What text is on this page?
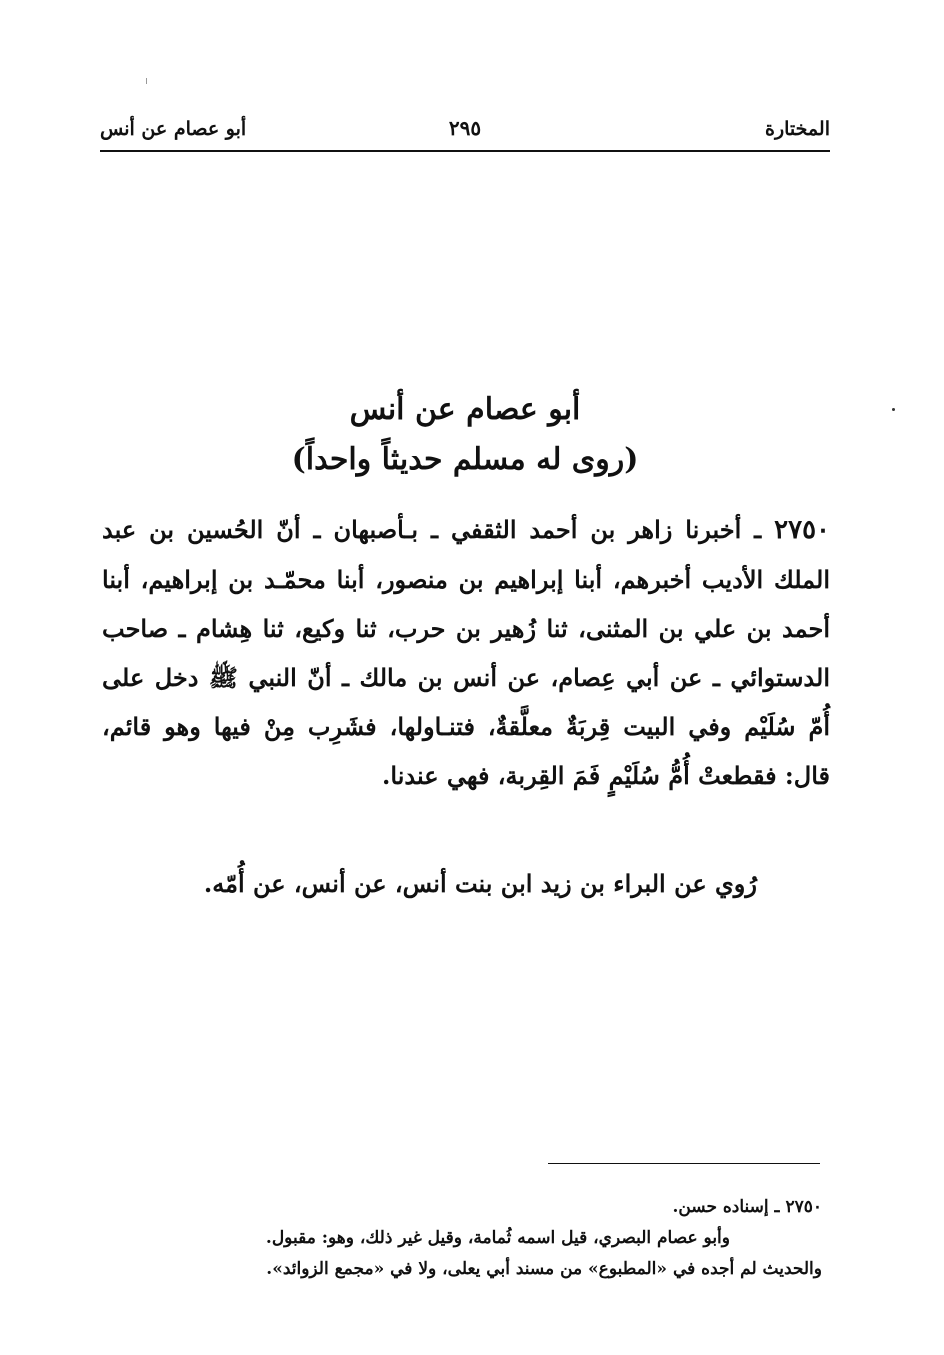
المختارة
٢٩٥
أبو عصام عن أنس
أبو عصام عن أنس
(روى له مسلم حديثاً واحداً)
٢٧٥٠ ـ أخبرنا زاهر بن أحمد الثقفي ـ بـأصبهان ـ أنّ الحُسين بن عبد الملك الأديب أخبرهم، أبنا إبراهيم بن منصور، أبنا محمّـد بن إبراهيم، أبنا أحمد بن علي بن المثنى، ثنا زُهير بن حرب، ثنا وكيع، ثنا هِشام ـ صاحب الدستوائي ـ عن أبي عِصام، عن أنس بن مالك ـ أنّ النبي ﷺ دخل على أُمّ سُلَيْم وفي البيت قِربَةٌ معلَّقةٌ، فتنـاولها، فشَرِب مِنْ فيها وهو قائم، قال: فقطعتْ أُمُّ سُلَيْمٍ فَمَ القِربة، فهي عندنا.
رُوي عن البراء بن زيد ابن بنت أنس، عن أنس، عن أُمّه.
٢٧٥٠ ـ إسناده حسن.
وأبو عصام البصري، قيل اسمه ثُمامة، وقيل غير ذلك، وهو: مقبول.
والحديث لم أجده في «المطبوع» من مسند أبي يعلى، ولا في «مجمع الزوائد».
